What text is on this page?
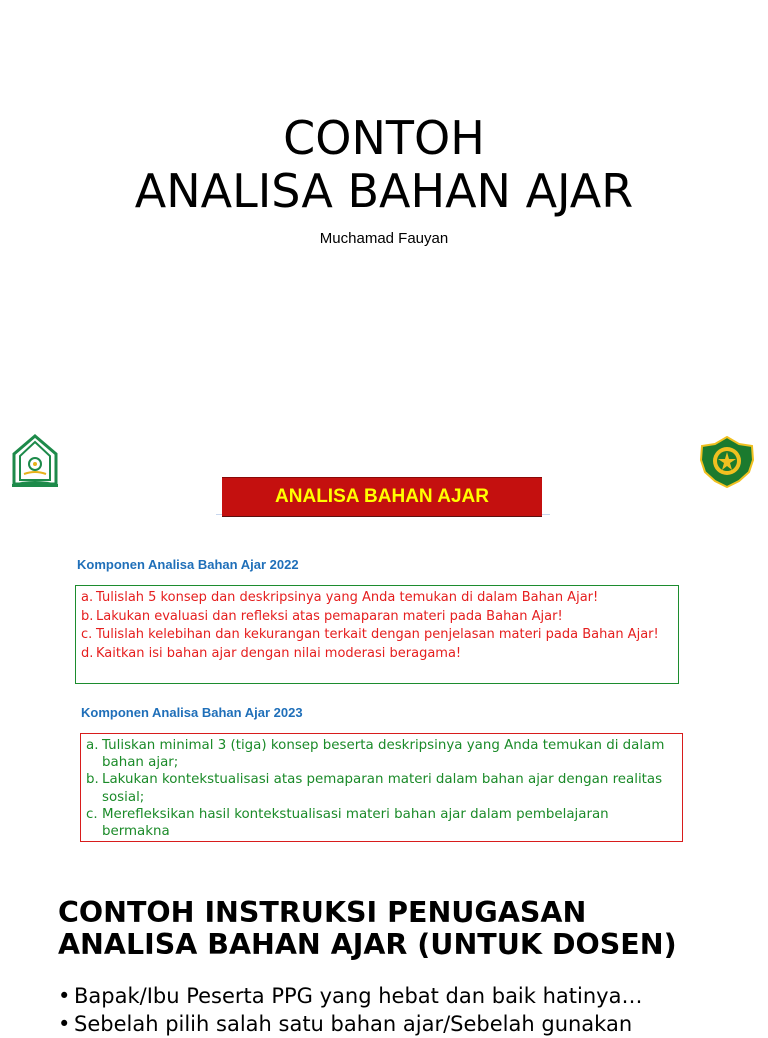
CONTOH
ANALISA BAHAN AJAR
Muchamad Fauyan
ANALISA BAHAN AJAR
Komponen Analisa Bahan Ajar 2022
a. Tulislah 5 konsep dan deskripsinya yang Anda temukan di dalam Bahan Ajar!
b. Lakukan evaluasi dan refleksi atas pemaparan materi pada Bahan Ajar!
c. Tulislah kelebihan dan kekurangan terkait dengan penjelasan materi pada Bahan Ajar!
d. Kaitkan isi bahan ajar dengan nilai moderasi beragama!
Komponen Analisa Bahan Ajar 2023
a. Tuliskan minimal 3 (tiga) konsep beserta deskripsinya yang Anda temukan di dalam bahan ajar;
b. Lakukan kontekstualisasi atas pemaparan materi dalam bahan ajar dengan realitas sosial;
c. Merefleksikan hasil kontekstualisasi materi bahan ajar dalam pembelajaran bermakna
CONTOH INSTRUKSI PENUGASAN
ANALISA BAHAN AJAR (UNTUK DOSEN)
• Bapak/Ibu Peserta PPG yang hebat dan baik hatinya…
• Sebelah pilih salah satu bahan ajar/Sebelah gunakan
